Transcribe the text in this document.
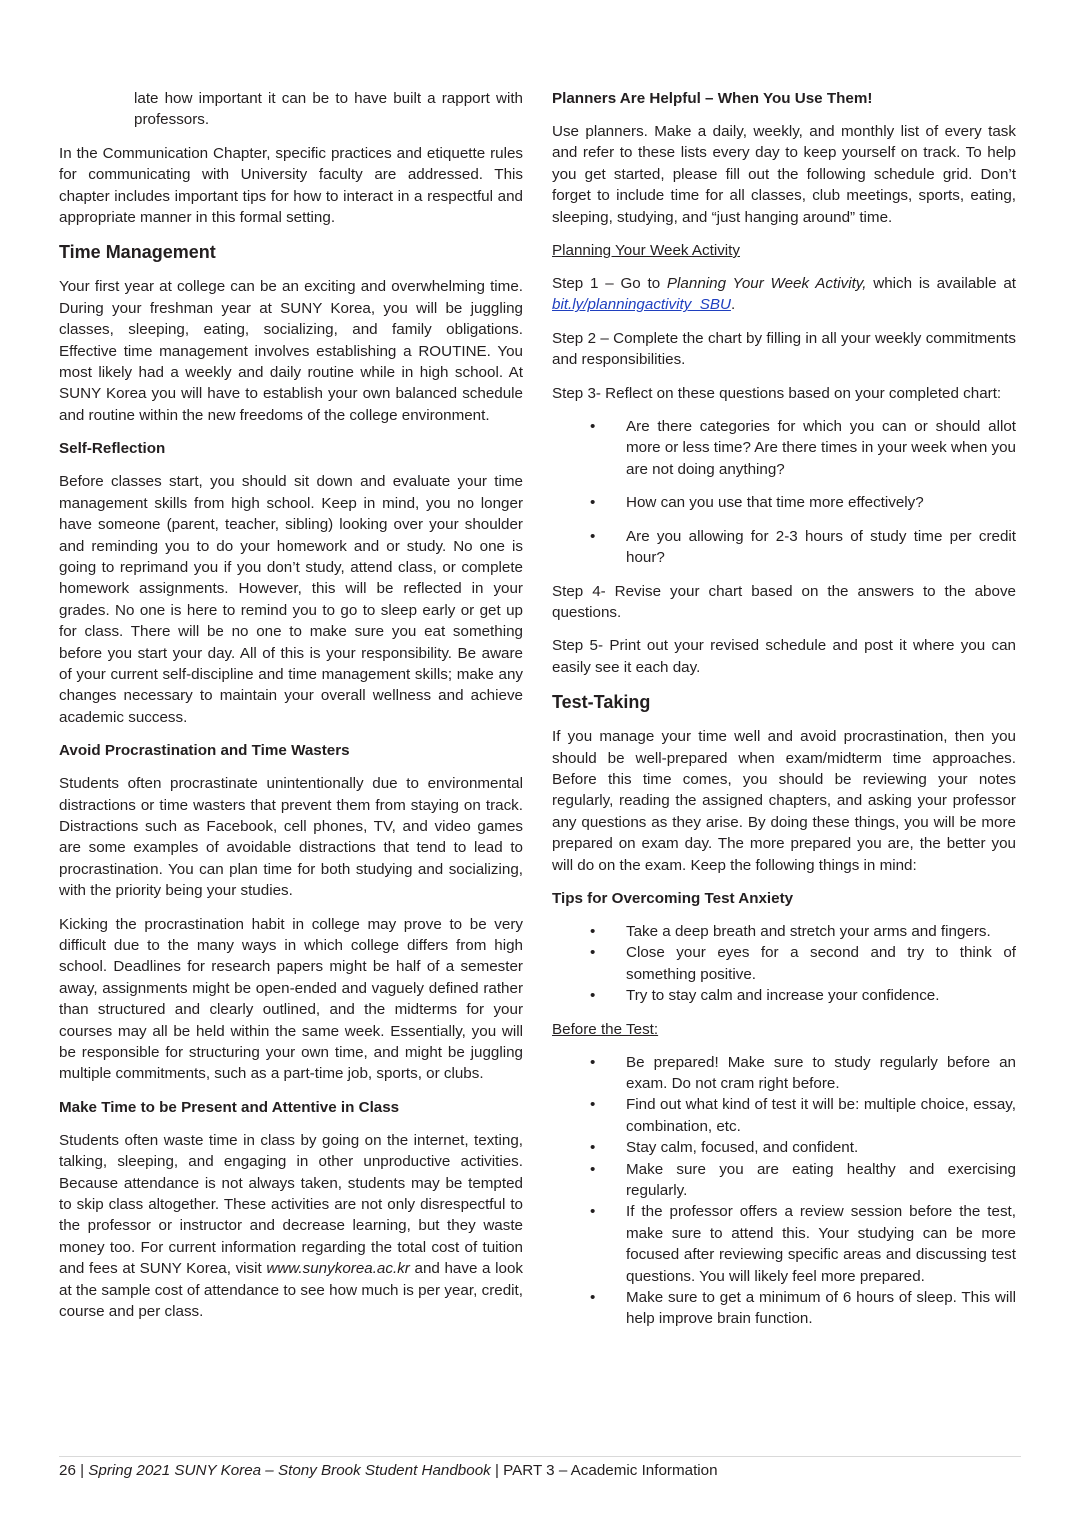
late how important it can be to have built a rapport with professors.

In the Communication Chapter, specific practices and etiquette rules for communicating with University faculty are addressed. This chapter includes important tips for how to interact in a respectful and appropriate manner in this formal setting.

Time Management

Your first year at college can be an exciting and overwhelming time. During your freshman year at SUNY Korea, you will be juggling classes, sleeping, eating, socializing, and family obligations. Effective time management involves establishing a ROUTINE. You most likely had a weekly and daily routine while in high school. At SUNY Korea you will have to establish your own balanced schedule and routine within the new freedoms of the college environment.

Self-Reflection

Before classes start, you should sit down and evaluate your time management skills from high school. Keep in mind, you no longer have someone (parent, teacher, sibling) looking over your shoulder and reminding you to do your homework and or study. No one is going to reprimand you if you don’t study, attend class, or complete homework assignments. However, this will be reflected in your grades. No one is here to remind you to go to sleep early or get up for class. There will be no one to make sure you eat something before you start your day. All of this is your responsibility. Be aware of your current self-discipline and time management skills; make any changes necessary to maintain your overall wellness and achieve academic success.

Avoid Procrastination and Time Wasters

Students often procrastinate unintentionally due to environmental distractions or time wasters that prevent them from staying on track. Distractions such as Facebook, cell phones, TV, and video games are some examples of avoidable distractions that tend to lead to procrastination. You can plan time for both studying and socializing, with the priority being your studies.

Kicking the procrastination habit in college may prove to be very difficult due to the many ways in which college differs from high school. Deadlines for research papers might be half of a semester away, assignments might be open-ended and vaguely defined rather than structured and clearly outlined, and the midterms for your courses may all be held within the same week. Essentially, you will be responsible for structuring your own time, and might be juggling multiple commitments, such as a part-time job, sports, or clubs.

Make Time to be Present and Attentive in Class

Students often waste time in class by going on the internet, texting, talking, sleeping, and engaging in other unproductive activities. Because attendance is not always taken, students may be tempted to skip class altogether. These activities are not only disrespectful to the professor or instructor and decrease learning, but they waste money too. For current information regarding the total cost of tuition and fees at SUNY Korea, visit www.sunykorea.ac.kr and have a look at the sample cost of attendance to see how much is per year, credit, course and per class.

Planners Are Helpful – When You Use Them!

Use planners. Make a daily, weekly, and monthly list of every task and refer to these lists every day to keep yourself on track. To help you get started, please fill out the following schedule grid. Don’t forget to include time for all classes, club meetings, sports, eating, sleeping, studying, and “just hanging around” time.

Planning Your Week Activity

Step 1 – Go to Planning Your Week Activity, which is available at bit.ly/planningactivity_SBU.

Step 2 – Complete the chart by filling in all your weekly commitments and responsibilities.

Step 3- Reflect on these questions based on your completed chart:

• Are there categories for which you can or should allot more or less time? Are there times in your week when you are not doing anything?
• How can you use that time more effectively?
• Are you allowing for 2-3 hours of study time per credit hour?

Step 4- Revise your chart based on the answers to the above questions.

Step 5- Print out your revised schedule and post it where you can easily see it each day.

Test-Taking

If you manage your time well and avoid procrastination, then you should be well-prepared when exam/midterm time approaches. Before this time comes, you should be reviewing your notes regularly, reading the assigned chapters, and asking your professor any questions as they arise. By doing these things, you will be more prepared on exam day. The more prepared you are, the better you will do on the exam. Keep the following things in mind:

Tips for Overcoming Test Anxiety
• Take a deep breath and stretch your arms and fingers.
• Close your eyes for a second and try to think of something positive.
• Try to stay calm and increase your confidence.
Before the Test:
• Be prepared! Make sure to study regularly before an exam. Do not cram right before.
• Find out what kind of test it will be: multiple choice, essay, combination, etc.
• Stay calm, focused, and confident.
• Make sure you are eating healthy and exercising regularly.
• If the professor offers a review session before the test, make sure to attend this. Your studying can be more focused after reviewing specific areas and discussing test questions. You will likely feel more prepared.
• Make sure to get a minimum of 6 hours of sleep. This will help improve brain function.
26 | Spring 2021 SUNY Korea – Stony Brook Student Handbook | PART 3 – Academic Information
